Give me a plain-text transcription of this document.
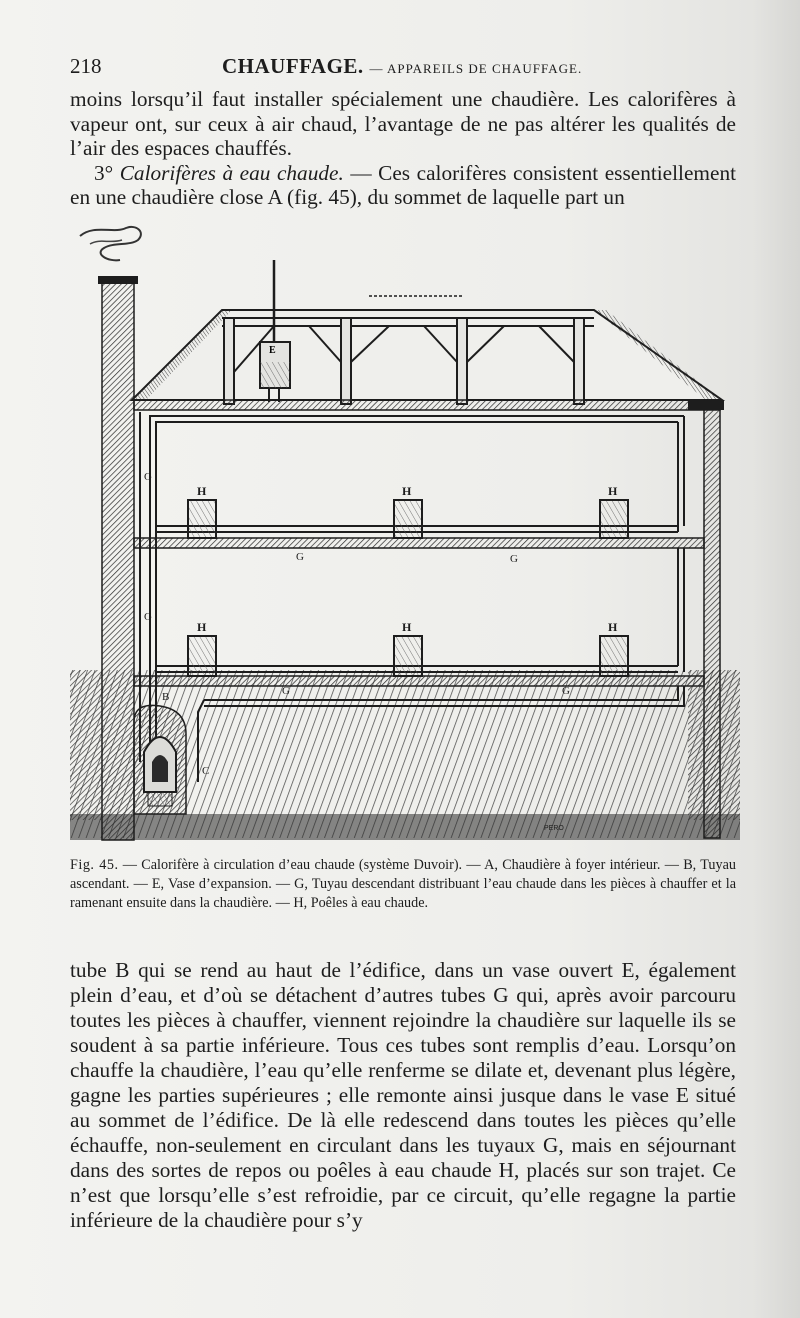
218	CHAUFFAGE. — APPAREILS DE CHAUFFAGE.

moins lorsqu’il faut installer spécialement une chaudière. Les calorifères à vapeur ont, sur ceux à air chaud, l’avantage de ne pas altérer les qualités de l’air des espaces chauffés.

3° Calorifères à eau chaude. — Ces calorifères consistent essentiellement en une chaudière close A (fig. 45), du sommet de laquelle part un

E
H	H	H
H	H	H
G
G
G	G
G	G
B
C
PERO
Fig. 45. — Calorifère à circulation d’eau chaude (système Duvoir). — A, Chaudière à foyer intérieur. — B, Tuyau ascendant. — E, Vase d’expansion. — G, Tuyau descendant distribuant l’eau chaude dans les pièces à chauffer et la ramenant ensuite dans la chaudière. — H, Poêles à eau chaude.

tube B qui se rend au haut de l’édifice, dans un vase ouvert E, également plein d’eau, et d’où se détachent d’autres tubes G qui, après avoir parcouru toutes les pièces à chauffer, viennent rejoindre la chaudière sur laquelle ils se soudent à sa partie inférieure. Tous ces tubes sont remplis d’eau. Lorsqu’on chauffe la chaudière, l’eau qu’elle renferme se dilate et, devenant plus légère, gagne les parties supérieures ; elle remonte ainsi jusque dans le vase E situé au sommet de l’édifice. De là elle redescend dans toutes les pièces qu’elle échauffe, non-seulement en circulant dans les tuyaux G, mais en séjournant dans des sortes de repos ou poêles à eau chaude H, placés sur son trajet. Ce n’est que lorsqu’elle s’est refroidie, par ce circuit, qu’elle regagne la partie inférieure de la chaudière pour s’y
